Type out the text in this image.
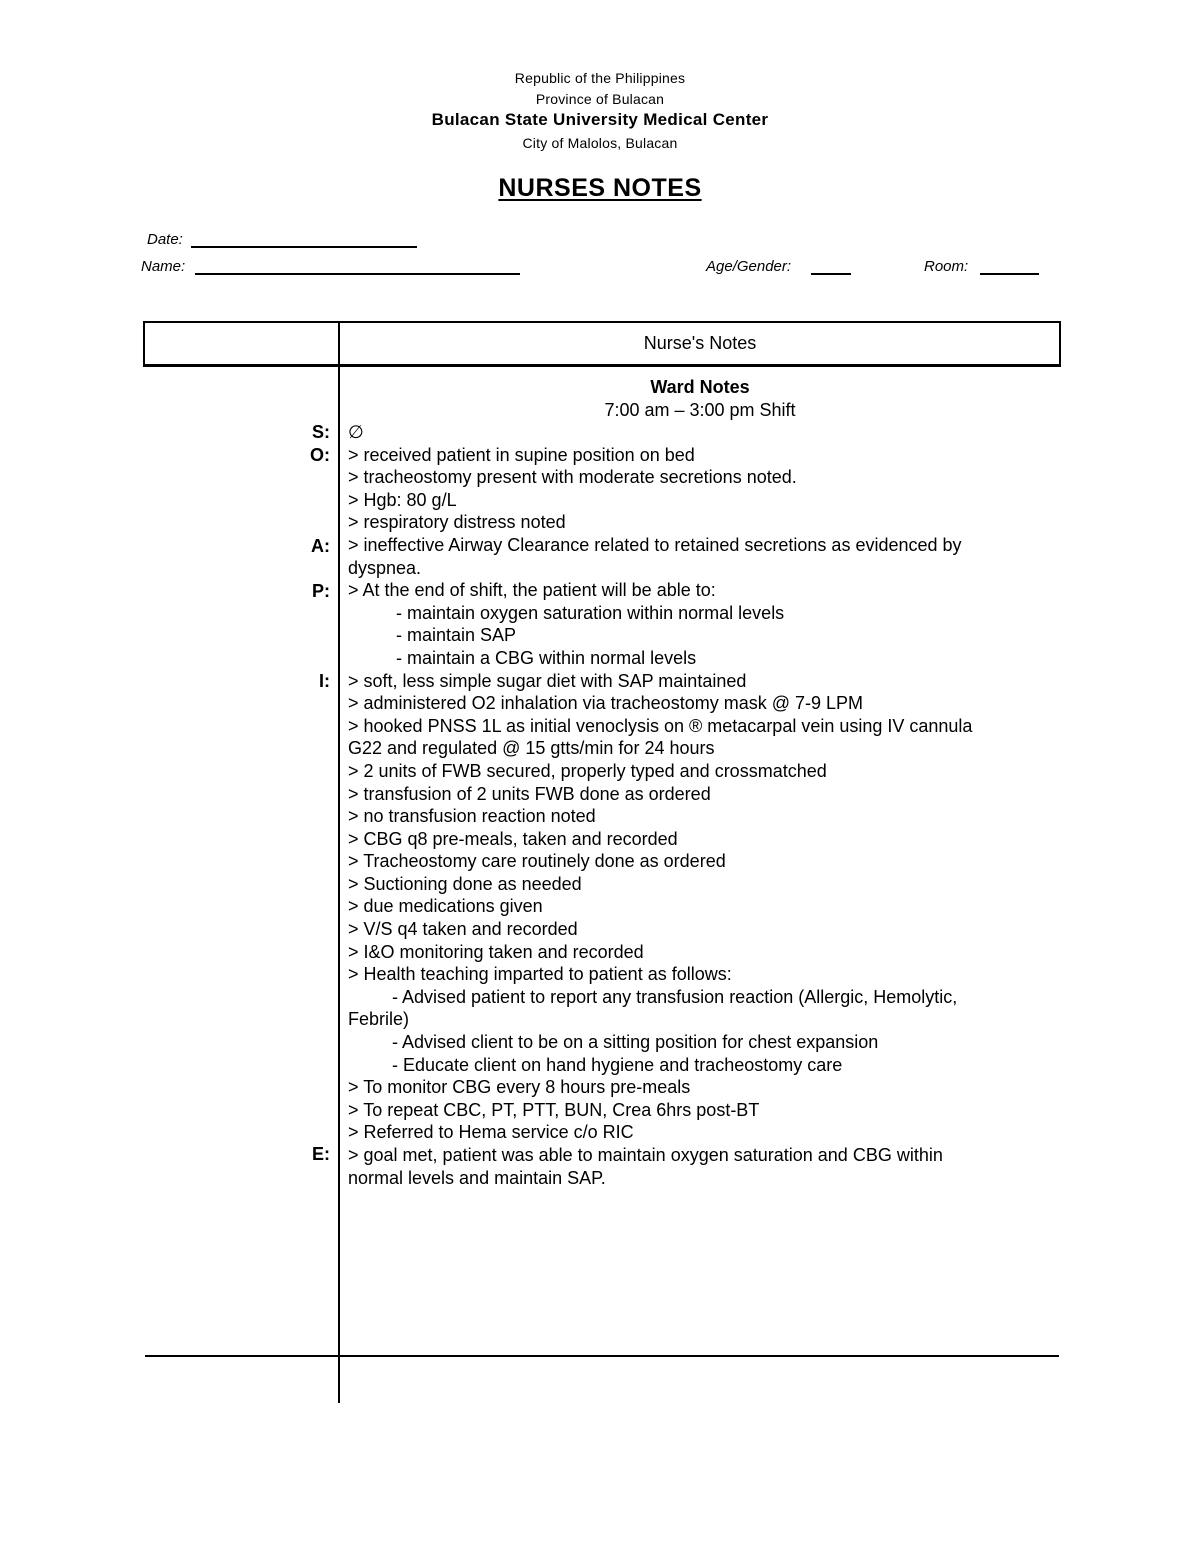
Republic of the Philippines
Province of Bulacan
Bulacan State University Medical Center
City of Malolos, Bulacan
NURSES NOTES
Date:
Name:	Age/Gender:	Room:
Nurse's Notes
Ward Notes
7:00 am – 3:00 pm Shift
S:
O:
A:
P:
I:
E:
∅
> received patient in supine position on bed
> tracheostomy present with moderate secretions noted.
> Hgb: 80 g/L
> respiratory distress noted
> ineffective Airway Clearance related to retained secretions as evidenced by
dyspnea.
> At the end of shift, the patient will be able to:
- maintain oxygen saturation within normal levels
- maintain SAP
- maintain a CBG within normal levels
> soft, less simple sugar diet with SAP maintained
> administered O2 inhalation via tracheostomy mask @ 7-9 LPM
> hooked PNSS 1L as initial venoclysis on ® metacarpal vein using IV cannula
G22 and regulated @ 15 gtts/min for 24 hours
> 2 units of FWB secured, properly typed and crossmatched
> transfusion of 2 units FWB done as ordered
> no transfusion reaction noted
> CBG q8 pre-meals, taken and recorded
> Tracheostomy care routinely done as ordered
> Suctioning done as needed
> due medications given
> V/S q4 taken and recorded
> I&O monitoring taken and recorded
> Health teaching imparted to patient as follows:
- Advised patient to report any transfusion reaction (Allergic, Hemolytic,
Febrile)
- Advised client to be on a sitting position for chest expansion
- Educate client on hand hygiene and tracheostomy care
> To monitor CBG every 8 hours pre-meals
> To repeat CBC, PT, PTT, BUN, Crea 6hrs post-BT
> Referred to Hema service c/o RIC
> goal met, patient was able to maintain oxygen saturation and CBG within
normal levels and maintain SAP.
